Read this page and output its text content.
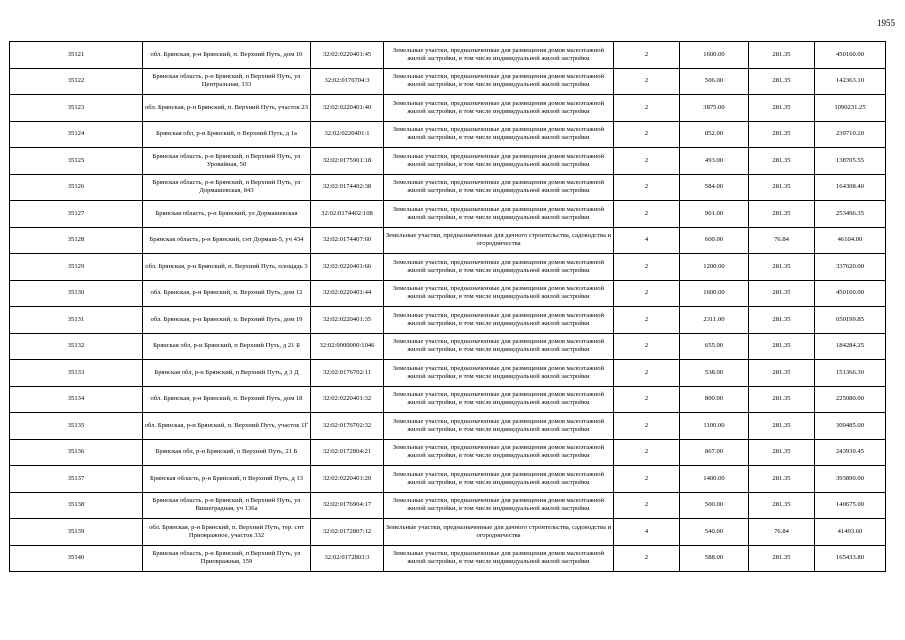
1955
35121	обл. Брянская, р-н Брянский, п. Верхний Путь, дом 10	32:02:0220401:45	Земельные участки, предназначенные для размещения домов малоэтажной жилой застройки, в том числе индивидуальной жилой застройки	2	1600.00	281.35	450160.00
35122	Брянская область, р-н Брянский, п Верхний Путь, ул Центральная, 133	32:02:0176704:3	Земельные участки, предназначенные для размещения домов малоэтажной жилой застройки, в том числе индивидуальной жилой застройки	2	506.00	281.35	142363.10
35123	обл. Брянская, р-н Брянский, п. Верхний Путь, участок 23	32:02:0220401:40	Земельные участки, предназначенные для размещения домов малоэтажной жилой застройки, в том числе индивидуальной жилой застройки	2	3875.00	281.35	1090231.25
35124	Брянская обл, р-н Брянский, п Верхний Путь, д 1а	32:02:0220401:1	Земельные участки, предназначенные для размещения домов малоэтажной жилой застройки, в том числе индивидуальной жилой застройки	2	852.00	281.35	239710.20
35125	Брянская область, р-н Брянский, п Верхний Путь, ул Уровайная, 50	32:02:0175901:18	Земельные участки, предназначенные для размещения домов малоэтажной жилой застройки, в том числе индивидуальной жилой застройки	2	493.00	281.35	138705.55
35126	Брянская область, р-н Брянский, п Верхний Путь, ул Дормашевская, 843	32:02:0174402:38	Земельные участки, предназначенные для размещения домов малоэтажной жилой застройки, в том числе индивидуальной жилой застройки	2	584.00	281.35	164308.40
35127	Брянская область, р-н Брянский, ул Дормашевская	32:02:0174402:108	Земельные участки, предназначенные для размещения домов малоэтажной жилой застройки, в том числе индивидуальной жилой застройки	2	901.00	281.35	253496.35
35128	Брянская область, р-н Брянский, снт Дормаш-5, уч 434	32:02:0174407:60	Земельные участки, предназначенные для дачного строительства, садоводства и огородничества	4	600.00	76.84	46104.00
35129	обл. Брянская, р-н Брянский, п. Верхний Путь, площадь 3	32:02:0220401:66	Земельные участки, предназначенные для размещения домов малоэтажной жилой застройки, в том числе индивидуальной жилой застройки	2	1200.00	281.35	337620.00
35130	обл. Брянская, р-н Брянский, п. Верхний Путь, дом 12	32:02:0220401:44	Земельные участки, предназначенные для размещения домов малоэтажной жилой застройки, в том числе индивидуальной жилой застройки	2	1600.00	281.35	450160.00
35131	обл. Брянская, р-н Брянский, п. Верхний Путь, дом 19	32:02:0220401:35	Земельные участки, предназначенные для размещения домов малоэтажной жилой застройки, в том числе индивидуальной жилой застройки	2	2311.00	281.35	650199.85
35132	Брянская обл, р-н Брянский, п Верхний Путь, д 21 Б	32:02:0000000:1046	Земельные участки, предназначенные для размещения домов малоэтажной жилой застройки, в том числе индивидуальной жилой застройки	2	655.00	281.35	184284.25
35133	Брянская обл, р-н Брянский, п Верхний Путь, д 3 Д	32:02:0176702:11	Земельные участки, предназначенные для размещения домов малоэтажной жилой застройки, в том числе индивидуальной жилой застройки	2	538.00	281.35	151366.30
35134	обл. Брянская, р-н Брянский, п. Верхний Путь, дом 18	32:02:0220401:32	Земельные участки, предназначенные для размещения домов малоэтажной жилой застройки, в том числе индивидуальной жилой застройки	2	800.00	281.35	225080.00
35135	обл. Брянская, р-н Брянский, п. Верхний Путь, участок 1Г	32:02:0176702:32	Земельные участки, предназначенные для размещения домов малоэтажной жилой застройки, в том числе индивидуальной жилой застройки	2	1100.00	281.35	309485.00
35136	Брянская обл, р-н Брянский, п Верхний Путь, 21 Б	32:02:0172804:21	Земельные участки, предназначенные для размещения домов малоэтажной жилой застройки, в том числе индивидуальной жилой застройки	2	867.00	281.35	243930.45
35137	Брянская область, р-н Брянский, п Верхний Путь, д 13	32:02:0220401:20	Земельные участки, предназначенные для размещения домов малоэтажной жилой застройки, в том числе индивидуальной жилой застройки	2	1400.00	281.35	393890.00
35138	Брянская область, р-н Брянский, п Верхний Путь, ул Вишеградная, уч 136а	32:02:0176904:17	Земельные участки, предназначенные для размещения домов малоэтажной жилой застройки, в том числе индивидуальной жилой застройки	2	500.00	281.35	140675.00
35139	обл. Брянская, р-н Брянский, п. Верхний Путь, тер. снт Приовражное, участок 332	32:02:0172807:12	Земельные участки, предназначенные для дачного строительства, садоводства и огородничества	4	540.00	76.84	41493.60
35140	Брянская область, р-н Брянский, п Верхний Путь, ул Приовражная, 159	32:02:0172803:3	Земельные участки, предназначенные для размещения домов малоэтажной жилой застройки, в том числе индивидуальной жилой застройки	2	588.00	281.35	165433.80
